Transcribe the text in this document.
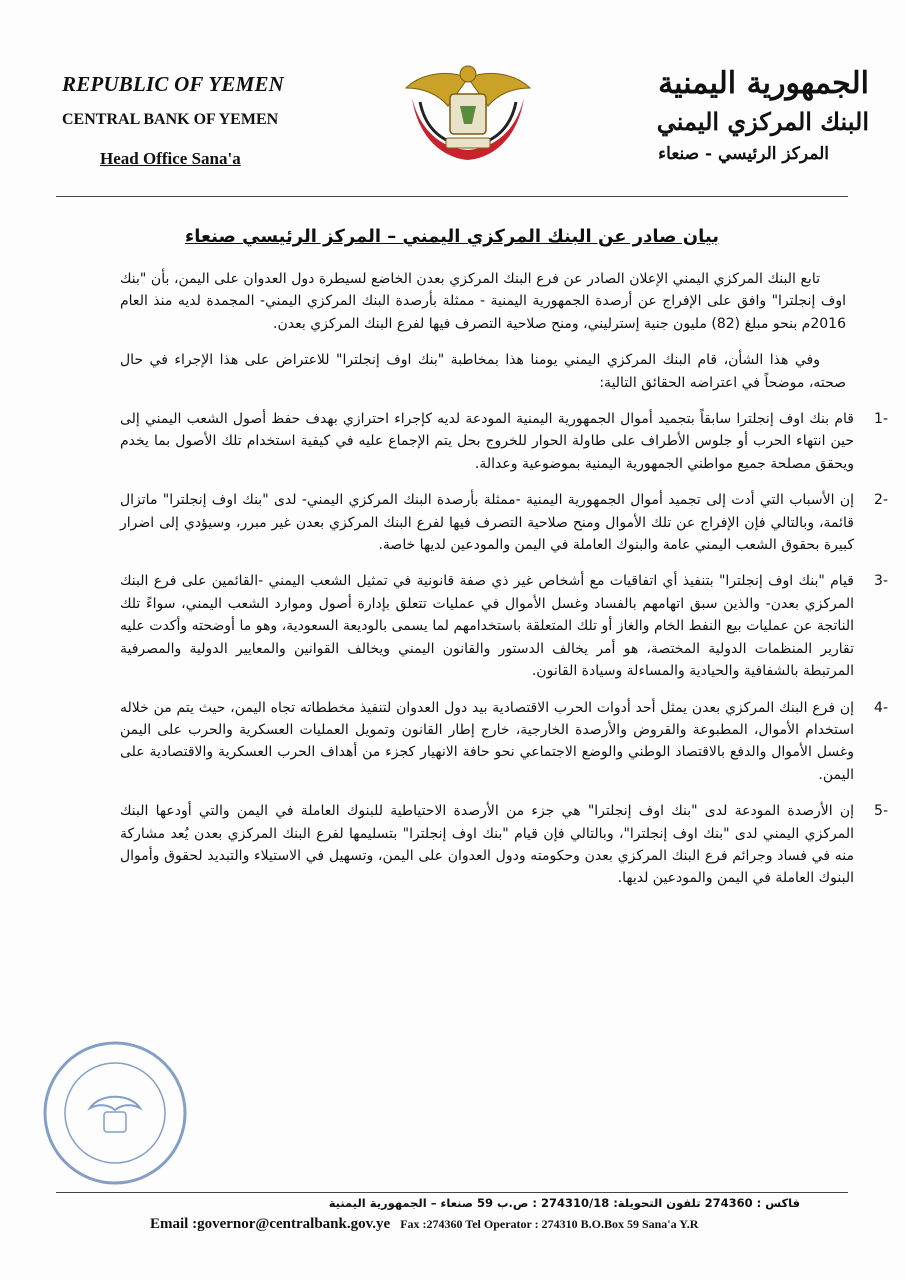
REPUBLIC OF YEMEN
CENTRAL BANK OF YEMEN
Head Office Sana'a
الجمهورية اليمنية
البنك المركزي اليمني
المركز الرئيسي - صنعاء
بيان صادر عن البنك المركزي اليمني – المركز الرئيسي صنعاء

تابع البنك المركزي اليمني الإعلان الصادر عن فرع البنك المركزي بعدن الخاضع لسيطرة دول العدوان على اليمن، بأن "بنك اوف إنجلترا" وافق على الإفراج عن أرصدة الجمهورية اليمنية - ممثلة بأرصدة البنك المركزي اليمني- المجمدة لديه منذ العام 2016م بنحو مبلغ (82) مليون جنية إسترليني، ومنح صلاحية التصرف فيها لفرع البنك المركزي بعدن.

وفي هذا الشأن، قام البنك المركزي اليمني يومنا هذا بمخاطبة "بنك اوف إنجلترا" للاعتراض على هذا الإجراء في حال صحته، موضحاً في اعتراضه الحقائق التالية:

-1
قام بنك اوف إنجلترا سابقاً بتجميد أموال الجمهورية اليمنية المودعة لديه كإجراء احترازي بهدف حفظ أصول الشعب اليمني إلى حين انتهاء الحرب أو جلوس الأطراف على طاولة الحوار للخروج بحل يتم الإجماع عليه في كيفية استخدام تلك الأصول بما يخدم ويحقق مصلحة جميع مواطني الجمهورية اليمنية بموضوعية وعدالة.
-2
إن الأسباب التي أدت إلى تجميد أموال الجمهورية اليمنية -ممثلة بأرصدة البنك المركزي اليمني- لدى "بنك اوف إنجلترا" ماتزال قائمة، وبالتالي فإن الإفراج عن تلك الأموال ومنح صلاحية التصرف فيها لفرع البنك المركزي بعدن غير مبرر، وسيؤدي إلى اضرار كبيرة بحقوق الشعب اليمني عامة والبنوك العاملة في اليمن والمودعين لديها خاصة.
-3
قيام "بنك اوف إنجلترا" بتنفيذ أي اتفاقيات مع أشخاص غير ذي صفة قانونية في تمثيل الشعب اليمني -القائمين على فرع البنك المركزي بعدن- والذين سبق اتهامهم بالفساد وغسل الأموال في عمليات تتعلق بإدارة أصول وموارد الشعب اليمني، سواءً تلك الناتجة عن عمليات بيع النفط الخام والغاز أو تلك المتعلقة باستخدامهم لما يسمى بالوديعة السعودية، وهو ما أوضحته وأكدت عليه تقارير المنظمات الدولية المختصة، هو أمر يخالف الدستور والقانون اليمني ويخالف القوانين والمعايير الدولية والمصرفية المرتبطة بالشفافية والحيادية والمساءلة وسيادة القانون.
-4
إن فرع البنك المركزي بعدن يمثل أحد أدوات الحرب الاقتصادية بيد دول العدوان لتنفيذ مخططاته تجاه اليمن، حيث يتم من خلاله استخدام الأموال، المطبوعة والقروض والأرصدة الخارجية، خارج إطار القانون وتمويل العمليات العسكرية والحرب على اليمن وغسل الأموال والدفع بالاقتصاد الوطني والوضع الاجتماعي نحو حافة الانهيار كجزء من أهداف الحرب العسكرية والاقتصادية على اليمن.
-5
إن الأرصدة المودعة لدى "بنك اوف إنجلترا" هي جزء من الأرصدة الاحتياطية للبنوك العاملة في اليمن والتي أودعها البنك المركزي اليمني لدى "بنك اوف إنجلترا"، وبالتالي فإن قيام "بنك اوف إنجلترا" بتسليمها لفرع البنك المركزي بعدن يُعد مشاركة منه في فساد وجرائم فرع البنك المركزي بعدن وحكومته ودول العدوان على اليمن، وتسهيل في الاستيلاء والتبديد لحقوق وأموال البنوك العاملة في اليمن والمودعين لديها.
فاكس : 274360 تلفون التحويلة: 274310/18 : ص.ب 59 صنعاء – الجمهورية اليمنية
Email :governor@centralbank.gov.ye Fax :274360 Tel Operator : 274310 B.O.Box 59 Sana'a Y.R
